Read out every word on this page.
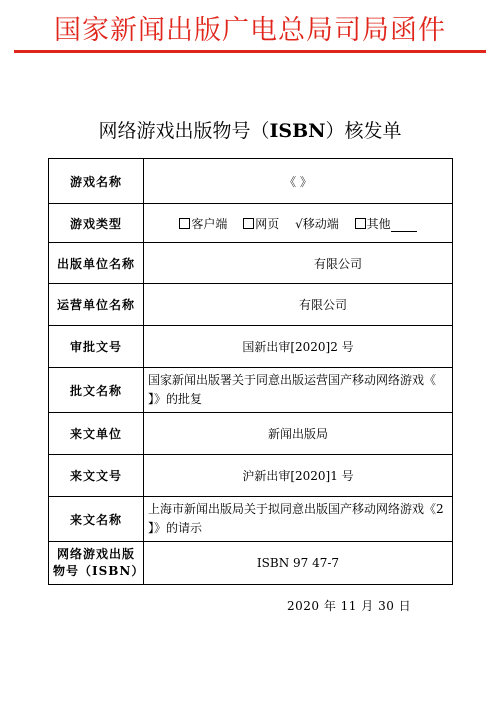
国家新闻出版广电总局司局函件
网络游戏出版物号（ISBN）核发单
游戏名称	《 》
游戏类型	客户端 网页 √移动端 其他
出版单位名称	有限公司
运营单位名称	有限公司
审批文号	国新出审[2020]2 号
批文名称	国家新闻出版署关于同意出版运营国产移动网络游戏《 】》的批复
来文单位	新闻出版局
来文文号	沪新出审[2020]1 号
来文名称	上海市新闻出版局关于拟同意出版国产移动网络游戏《2 】》的请示
网络游戏出版物号（ISBN）	ISBN 97 47-7
2020 年 11 月 30 日
